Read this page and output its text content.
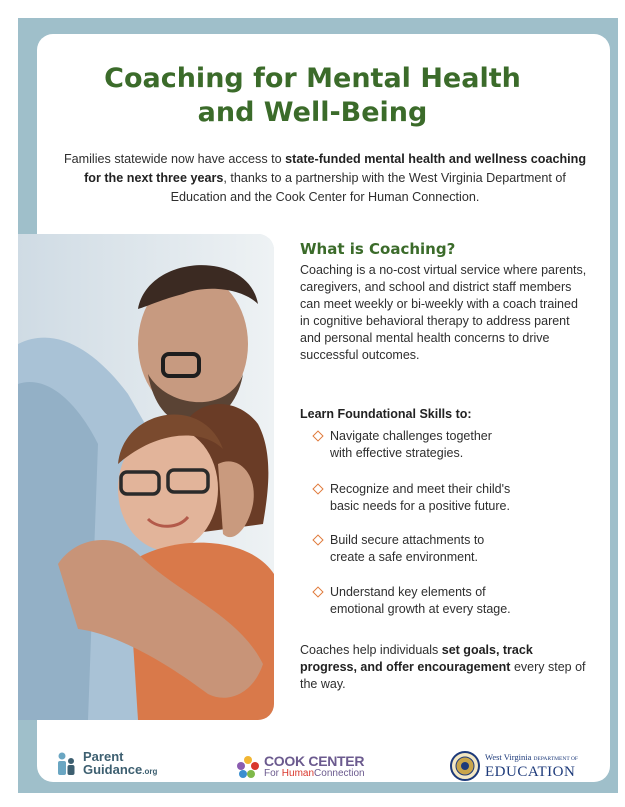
Coaching for Mental Health
and Well-Being

Families statewide now have access to state-funded mental health and wellness coaching for the next three years, thanks to a partnership with the West Virginia Department of Education and the Cook Center for Human Connection.

What is Coaching?

Coaching is a no-cost virtual service where parents, caregivers, and school and district staff members can meet weekly or bi-weekly with a coach trained in cognitive behavioral therapy to address parent and personal mental health concerns to drive successful outcomes.

Learn Foundational Skills to:
Navigate challenges together
with effective strategies.
Recognize and meet their child's
basic needs for a positive future.
Build secure attachments to
create a safe environment.
Understand key elements of
emotional growth at every stage.

Coaches help individuals set goals, track progress, and offer encouragement every step of the way.

Parent
Guidance.org
COOK CENTER
For HumanConnection
West Virginia DEPARTMENT OF
EDUCATION
